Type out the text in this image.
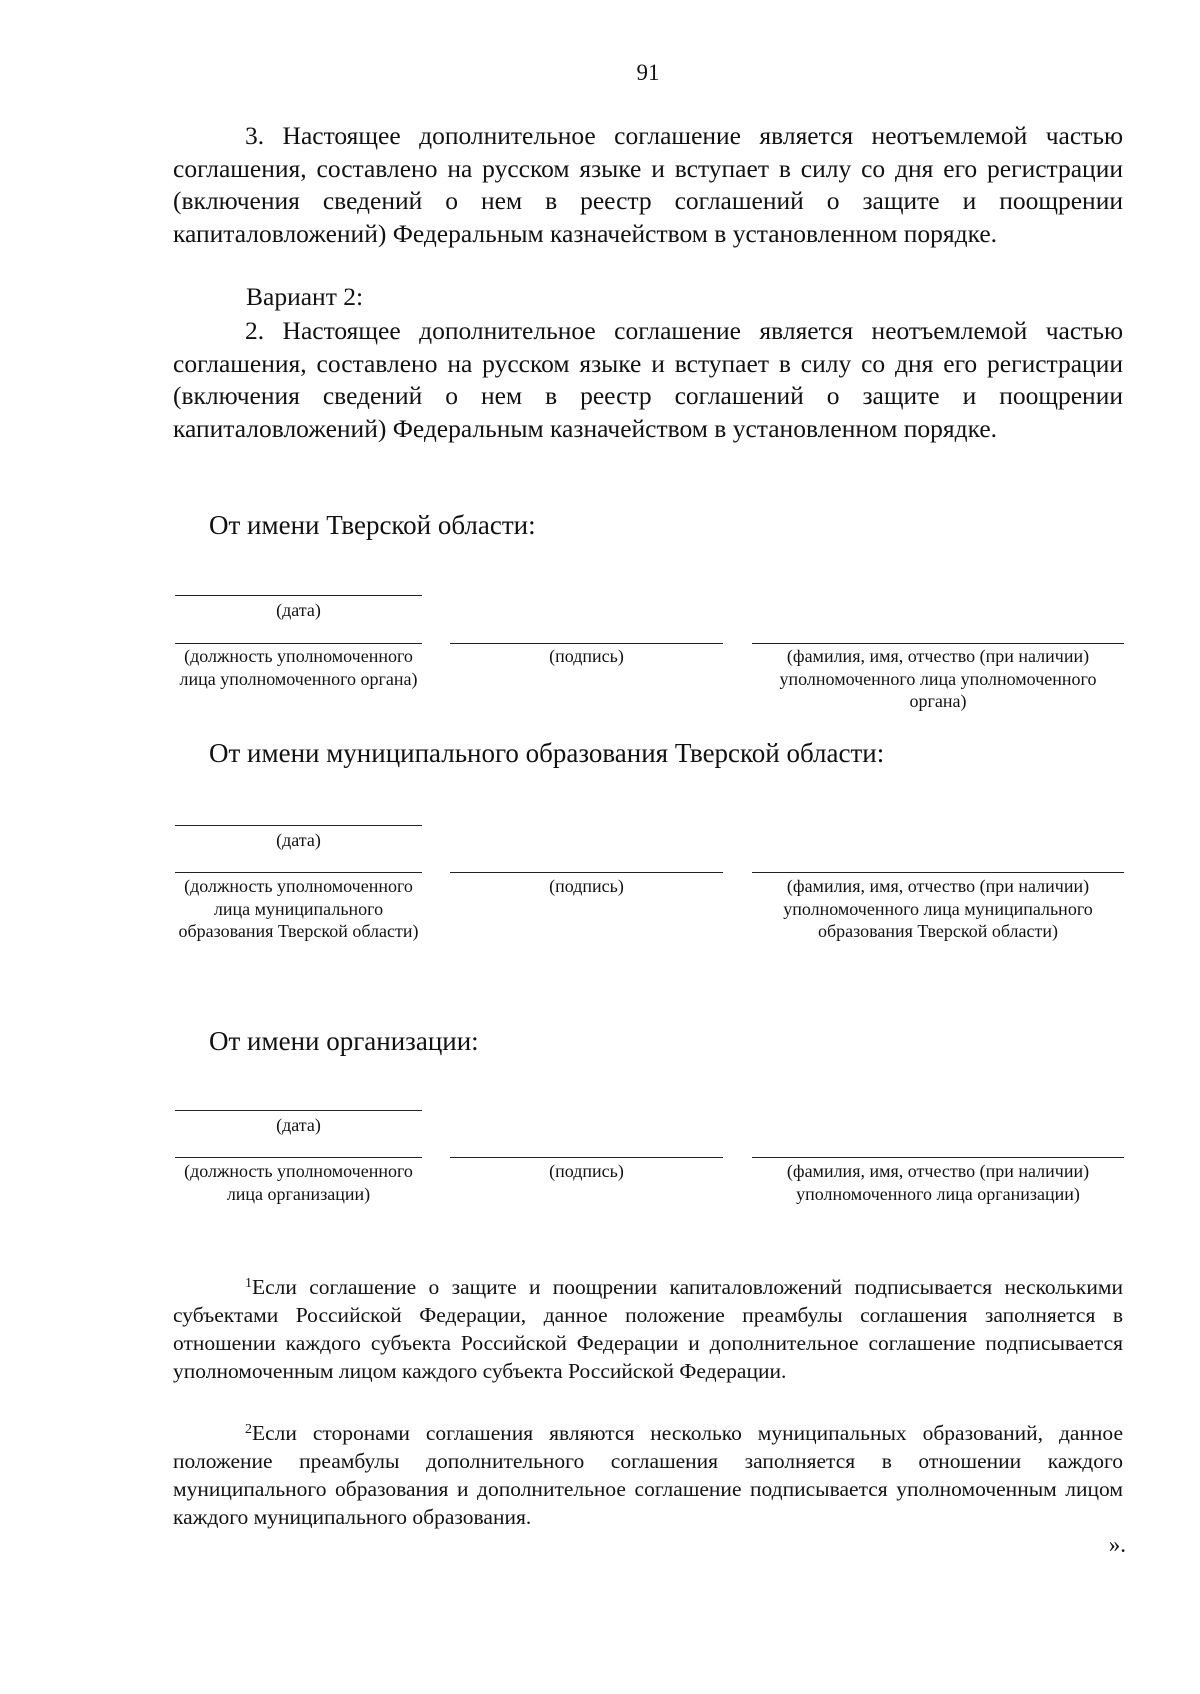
91

3. Настоящее дополнительное соглашение является неотъемлемой частью соглашения, составлено на русском языке и вступает в силу со дня его регистрации (включения сведений о нем в реестр соглашений о защите и поощрении капиталовложений) Федеральным казначейством в установленном порядке.

Вариант 2:

2. Настоящее дополнительное соглашение является неотъемлемой частью соглашения, составлено на русском языке и вступает в силу со дня его регистрации (включения сведений о нем в реестр соглашений о защите и поощрении капиталовложений) Федеральным казначейством в установленном порядке.

От имени Тверской области:
(дата)
(должность уполномоченного лица уполномоченного органа)
(подпись)	(фамилия, имя, отчество (при наличии) уполномоченного лица уполномоченного органа)
От имени муниципального образования Тверской области:
(дата)
(должность уполномоченного лица муниципального образования Тверской области)
(подпись)	(фамилия, имя, отчество (при наличии) уполномоченного лица муниципального образования Тверской области)
От имени организации:
(дата)
(должность уполномоченного лица организации)
(подпись)	(фамилия, имя, отчество (при наличии) уполномоченного лица организации)

$^1$Если соглашение о защите и поощрении капиталовложений подписывается несколькими субъектами Российской Федерации, данное положение преамбулы соглашения заполняется в отношении каждого субъекта Российской Федерации и дополнительное соглашение подписывается уполномоченным лицом каждого субъекта Российской Федерации.

$^2$Если сторонами соглашения являются несколько муниципальных образований, данное положение преамбулы дополнительного соглашения заполняется в отношении каждого муниципального образования и дополнительное соглашение подписывается уполномоченным лицом каждого муниципального образования.

».
